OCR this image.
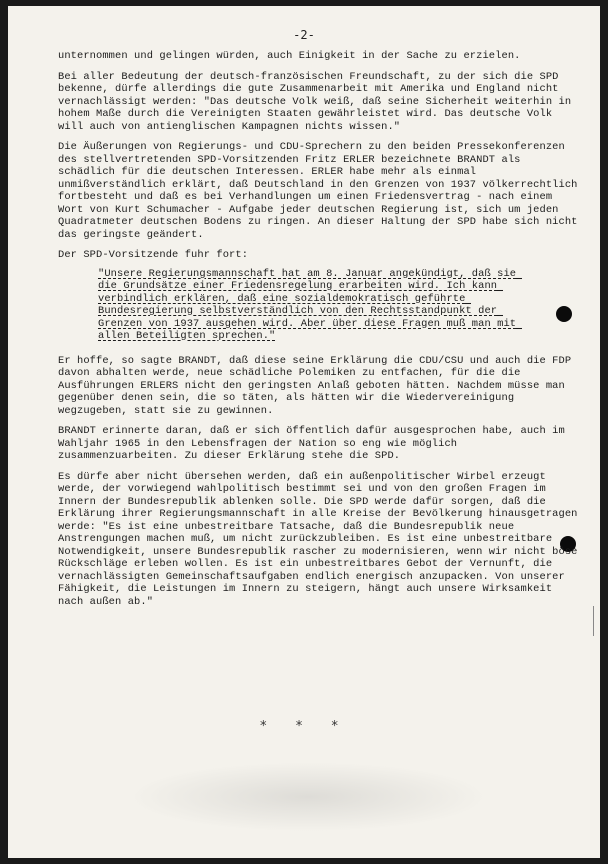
-2-

unternommen und gelingen würden, auch Einigkeit in der Sache zu erzielen.

Bei aller Bedeutung der deutsch-französischen Freundschaft, zu der sich die SPD bekenne, dürfe allerdings die gute Zusammenarbeit mit Amerika und England nicht vernachlässigt werden: "Das deutsche Volk weiß, daß seine Sicherheit weiterhin in hohem Maße durch die Vereinigten Staaten gewährleistet wird. Das deutsche Volk will auch von antienglischen Kampagnen nichts wissen."

Die Äußerungen von Regierungs- und CDU-Sprechern zu den beiden Pressekonferenzen des stellvertretenden SPD-Vorsitzenden Fritz ERLER bezeichnete BRANDT als schädlich für die deutschen Interessen. ERLER habe mehr als einmal unmißverständlich erklärt, daß Deutschland in den Grenzen von 1937 völkerrechtlich fortbesteht und daß es bei Verhandlungen um einen Friedensvertrag - nach einem Wort von Kurt Schumacher - Aufgabe jeder deutschen Regierung ist, sich um jeden Quadratmeter deutschen Bodens zu ringen. An dieser Haltung der SPD habe sich nicht das geringste geändert.

Der SPD-Vorsitzende fuhr fort:

"Unsere Regierungsmannschaft hat am 8. Januar angekündigt, daß sie die Grundsätze einer Friedensregelung erarbeiten wird. Ich kann verbindlich erklären, daß eine sozialdemokratisch geführte Bundesregierung selbstverständlich von den Rechtsstandpunkt der Grenzen von 1937 ausgehen wird. Aber über diese Fragen muß man mit allen Beteiligten sprechen."

Er hoffe, so sagte BRANDT, daß diese seine Erklärung die CDU/CSU und auch die FDP davon abhalten werde, neue schädliche Polemiken zu entfachen, für die die Ausführungen ERLERS nicht den geringsten Anlaß geboten hätten. Nachdem müsse man gegenüber denen sein, die so täten, als hätten wir die Wiedervereinigung wegzugeben, statt sie zu gewinnen.

BRANDT erinnerte daran, daß er sich öffentlich dafür ausgesprochen habe, auch im Wahljahr 1965 in den Lebensfragen der Nation so eng wie möglich zusammenzuarbeiten. Zu dieser Erklärung stehe die SPD.

Es dürfe aber nicht übersehen werden, daß ein außenpolitischer Wirbel erzeugt werde, der vorwiegend wahlpolitisch bestimmt sei und von den großen Fragen im Innern der Bundesrepublik ablenken solle. Die SPD werde dafür sorgen, daß die Erklärung ihrer Regierungsmannschaft in alle Kreise der Bevölkerung hinausgetragen werde: "Es ist eine unbestreitbare Tatsache, daß die Bundesrepublik neue Anstrengungen machen muß, um nicht zurückzubleiben. Es ist eine unbestreitbare Notwendigkeit, unsere Bundesrepublik rascher zu modernisieren, wenn wir nicht böse Rückschläge erleben wollen. Es ist ein unbestreitbares Gebot der Vernunft, die vernachlässigten Gemeinschaftsaufgaben endlich energisch anzupacken. Von unserer Fähigkeit, die Leistungen im Innern zu steigern, hängt auch unsere Wirksamkeit nach außen ab."

* * *
